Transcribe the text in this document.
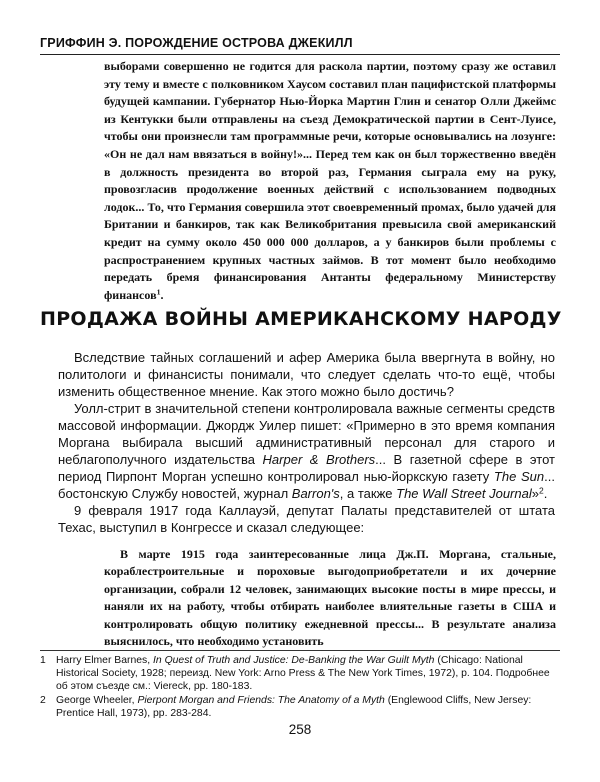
ГРИФФИН Э. ПОРОЖДЕНИЕ ОСТРОВА ДЖЕКИЛЛ
выборами совершенно не годится для раскола партии, поэтому сразу же оставил эту тему и вместе с полковником Хаусом составил план пацифистской платформы будущей кампании. Губернатор Нью-Йорка Мартин Глин и сенатор Олли Джеймс из Кентукки были отправлены на съезд Демократической партии в Сент-Луисе, чтобы они произнесли там программные речи, которые основывались на лозунге: «Он не дал нам ввязаться в войну!»... Перед тем как он был торжественно введён в должность президента во второй раз, Германия сыграла ему на руку, провозгласив продолжение военных действий с использованием подводных лодок... То, что Германия совершила этот своевременный промах, было удачей для Британии и банкиров, так как Великобритания превысила свой американский кредит на сумму около 450 000 000 долларов, а у банкиров были проблемы с распространением крупных частных займов. В тот момент было необходимо передать бремя финансирования Антанты федеральному Министерству финансов$^1$.
ПРОДАЖА ВОЙНЫ АМЕРИКАНСКОМУ НАРОДУ

Вследствие тайных соглашений и афер Америка была ввергнута в войну, но политологи и финансисты понимали, что следует сделать что-то ещё, чтобы изменить общественное мнение. Как этого можно было достичь?

Уолл-стрит в значительной степени контролировала важные сегменты средств массовой информации. Джордж Уилер пишет: «Примерно в это время компания Моргана выбирала высший административный персонал для старого и неблагополучного издательства Harper & Brothers... В газетной сфере в этот период Пирпонт Морган успешно контролировал нью-йоркскую газету The Sun... бостонскую Службу новостей, журнал Barron's, а также The Wall Street Journal»$^2$.

9 февраля 1917 года Каллауэй, депутат Палаты представителей от штата Техас, выступил в Конгрессе и сказал следующее:

В марте 1915 года заинтересованные лица Дж.П. Моргана, стальные, кораблестроительные и пороховые выгодоприобретатели и их дочерние организации, собрали 12 человек, занимающих высокие посты в мире прессы, и наняли их на работу, чтобы отбирать наиболее влиятельные газеты в США и контролировать общую политику ежедневной прессы... В результате анализа выяснилось, что необходимо установить
1 Harry Elmer Barnes, In Quest of Truth and Justice: De-Banking the War Guilt Myth (Chicago: National Historical Society, 1928; переизд. New York: Arno Press & The New York Times, 1972), p. 104. Подробнее об этом съезде см.: Viereck, pp. 180-183.
2 George Wheeler, Pierpont Morgan and Friends: The Anatomy of a Myth (Englewood Cliffs, New Jersey: Prentice Hall, 1973), pp. 283-284.
258
